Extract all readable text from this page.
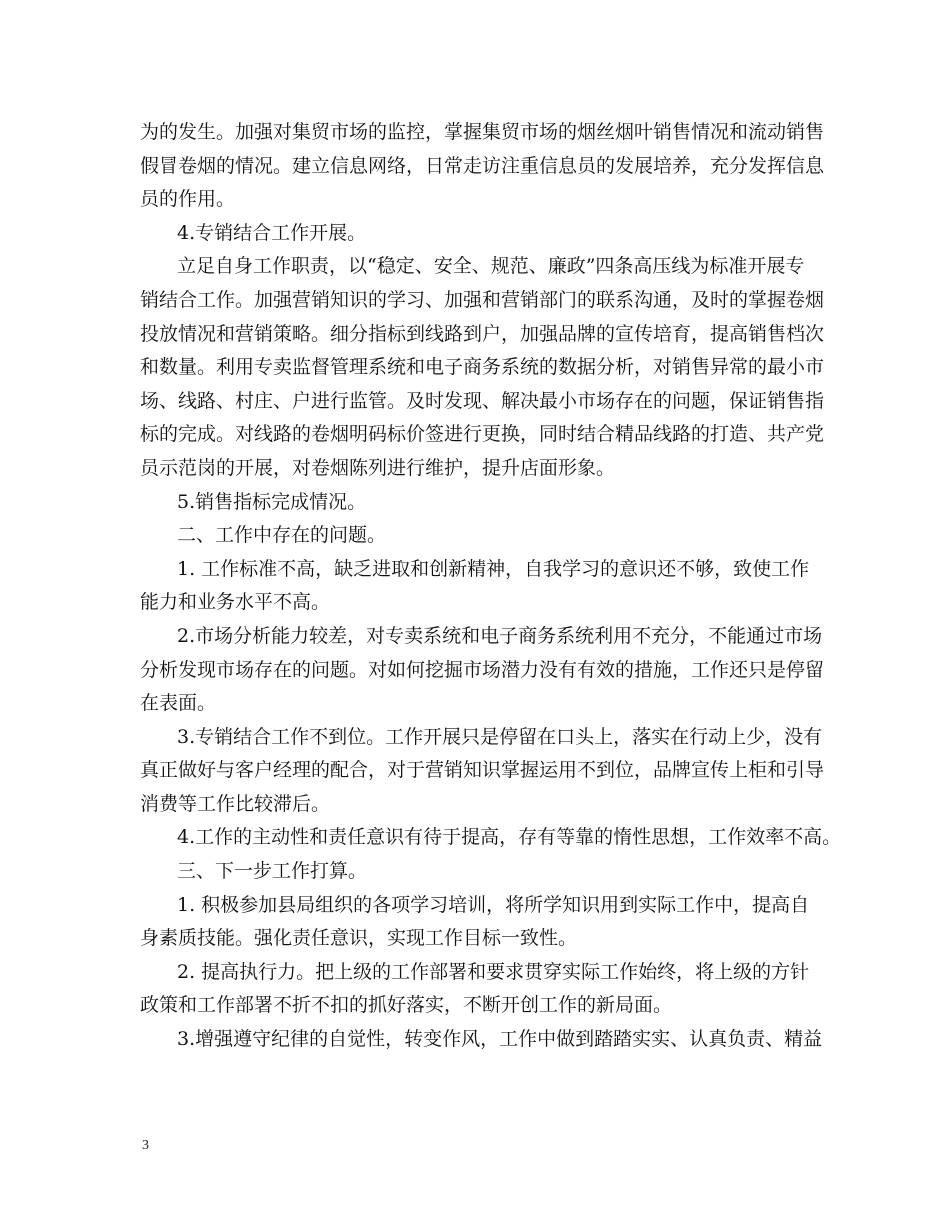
为的发生。加强对集贸市场的监控，掌握集贸市场的烟丝烟叶销售情况和流动销售
假冒卷烟的情况。建立信息网络，日常走访注重信息员的发展培养，充分发挥信息
员的作用。
4.专销结合工作开展。
立足自身工作职责，以“稳定、安全、规范、廉政”四条高压线为标准开展专
销结合工作。加强营销知识的学习、加强和营销部门的联系沟通，及时的掌握卷烟
投放情况和营销策略。细分指标到线路到户，加强品牌的宣传培育，提高销售档次
和数量。利用专卖监督管理系统和电子商务系统的数据分析，对销售异常的最小市
场、线路、村庄、户进行监管。及时发现、解决最小市场存在的问题，保证销售指
标的完成。对线路的卷烟明码标价签进行更换，同时结合精品线路的打造、共产党
员示范岗的开展，对卷烟陈列进行维护，提升店面形象。
5.销售指标完成情况。
二、工作中存在的问题。
1. 工作标准不高，缺乏进取和创新精神，自我学习的意识还不够，致使工作
能力和业务水平不高。
2.市场分析能力较差，对专卖系统和电子商务系统利用不充分，不能通过市场
分析发现市场存在的问题。对如何挖掘市场潜力没有有效的措施，工作还只是停留
在表面。
3.专销结合工作不到位。工作开展只是停留在口头上，落实在行动上少，没有
真正做好与客户经理的配合，对于营销知识掌握运用不到位，品牌宣传上柜和引导
消费等工作比较滞后。
4.工作的主动性和责任意识有待于提高，存有等靠的惰性思想，工作效率不高。
三、下一步工作打算。
1. 积极参加县局组织的各项学习培训，将所学知识用到实际工作中，提高自
身素质技能。强化责任意识，实现工作目标一致性。
2. 提高执行力。把上级的工作部署和要求贯穿实际工作始终，将上级的方针
政策和工作部署不折不扣的抓好落实，不断开创工作的新局面。
3.增强遵守纪律的自觉性，转变作风，工作中做到踏踏实实、认真负责、精益
3
